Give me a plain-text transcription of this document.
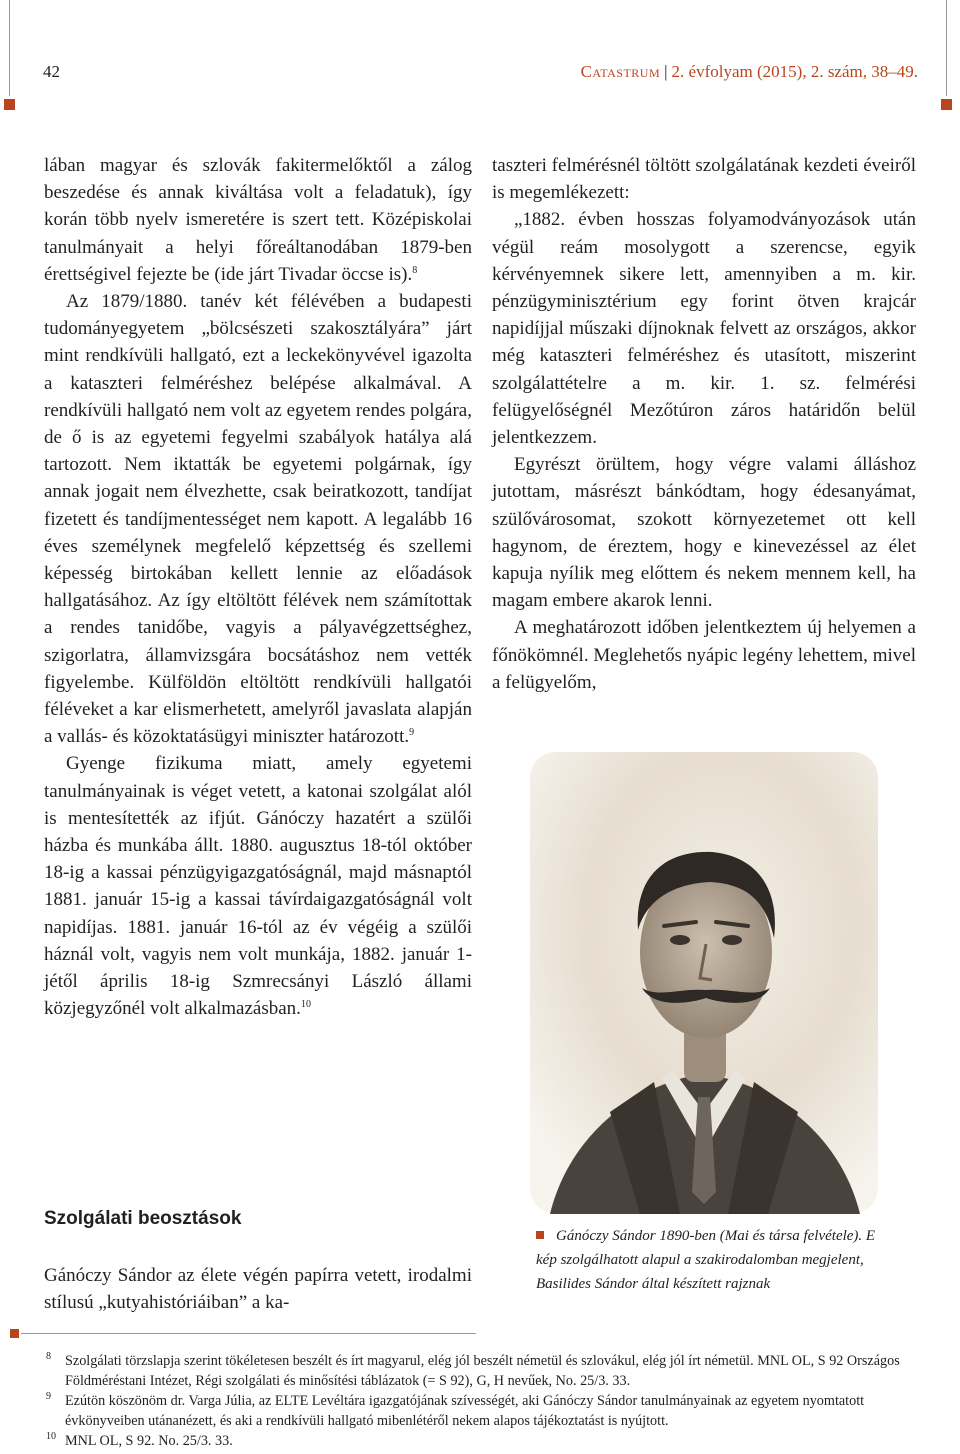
42	Catastrum | 2. évfolyam (2015), 2. szám, 38–49.

lában magyar és szlovák fakitermelőktől a zálog beszedése és annak kiváltása volt a feladatuk), így korán több nyelv ismeretére is szert tett. Középiskolai tanulmányait a helyi főreáltanodában 1879-ben érettségivel fejezte be (ide járt Tivadar öccse is).$^8$

Az 1879/1880. tanév két félévében a budapesti tudományegyetem „bölcsészeti szakosztályára” járt mint rendkívüli hallgató, ezt a leckekönyvével igazolta a kataszteri felméréshez belépése alkalmával. A rendkívüli hallgató nem volt az egyetem rendes polgára, de ő is az egyetemi fegyelmi szabályok hatálya alá tartozott. Nem iktatták be egyetemi polgárnak, így annak jogait nem élvezhette, csak beiratkozott, tandíjat fizetett és tandíjmentességet nem kapott. A legalább 16 éves személynek megfelelő képzettség és szellemi képesség birtokában kellett lennie az előadások hallgatásához. Az így eltöltött félévek nem számítottak a rendes tanidőbe, vagyis a pályavégzettséghez, szigorlatra, államvizsgára bocsátáshoz nem vették figyelembe. Külföldön eltöltött rendkívüli hallgatói féléveket a kar elismerhetett, amelyről javaslata alapján a vallás- és közoktatásügyi miniszter határozott.$^9$

Gyenge fizikuma miatt, amely egyetemi tanulmányainak is véget vetett, a katonai szolgálat alól is mentesítették az ifjút. Gánóczy hazatért a szülői házba és munkába állt. 1880. augusztus 18-tól október 18-ig a kassai pénzügyigazgatóságnál, majd másnaptól 1881. január 15-ig a kassai távírdaigazgatóságnál volt napidíjas. 1881. január 16-tól az év végéig a szülői háznál volt, vagyis nem volt munkája, 1882. január 1-jétől április 18-ig Szmrecsányi László állami közjegyzőnél volt alkalmazásban.$^{10}$

Szolgálati beosztások

Gánóczy Sándor az élete végén papírra vetett, irodalmi stílusú „kutyahistóriáiban” a ka-

taszteri felmérésnél töltött szolgálatának kezdeti éveiről is megemlékezett:

„1882. évben hosszas folyamodványozások után végül reám mosolygott a szerencse, egyik kérvényemnek sikere lett, amennyiben a m. kir. pénzügyminisztérium egy forint ötven krajcár napidíjjal műszaki díjnoknak felvett az országos, akkor még kataszteri felméréshez és utasított, miszerint szolgálattételre a m. kir. 1. sz. felmérési felügyelőségnél Mezőtúron záros határidőn belül jelentkezzem.

Egyrészt örültem, hogy végre valami álláshoz jutottam, másrészt bánkódtam, hogy édesanyámat, szülővárosomat, szokott környezetemet ott kell hagynom, de éreztem, hogy e kinevezéssel az élet kapuja nyílik meg előttem és nekem mennem kell, ha magam embere akarok lenni.

A meghatározott időben jelentkeztem új helyemen a főnökömnél. Meglehetős nyápic legény lehettem, mivel a felügyelőm,

Gánóczy Sándor 1890-ben (Mai és társa felvétele). E kép szolgálhatott alapul a szakirodalomban megjelent, Basilides Sándor által készített rajznak

8 Szolgálati törzslapja szerint tökéletesen beszélt és írt magyarul, elég jól beszélt németül és szlovákul, elég jól írt németül. MNL OL, S 92 Országos Földméréstani Intézet, Régi szolgálati és minősítési táblázatok (= S 92), G, H nevűek, No. 25/3. 33.

9 Ezútön köszönöm dr. Varga Júlia, az ELTE Levéltára igazgatójának szívességét, aki Gánóczy Sándor tanulmányainak az egyetem nyomtatott évkönyveiben utánanézett, és aki a rendkívüli hallgató mibenlétéről nekem alapos tájékoztatást is nyújtott.

10 MNL OL, S 92. No. 25/3. 33.
